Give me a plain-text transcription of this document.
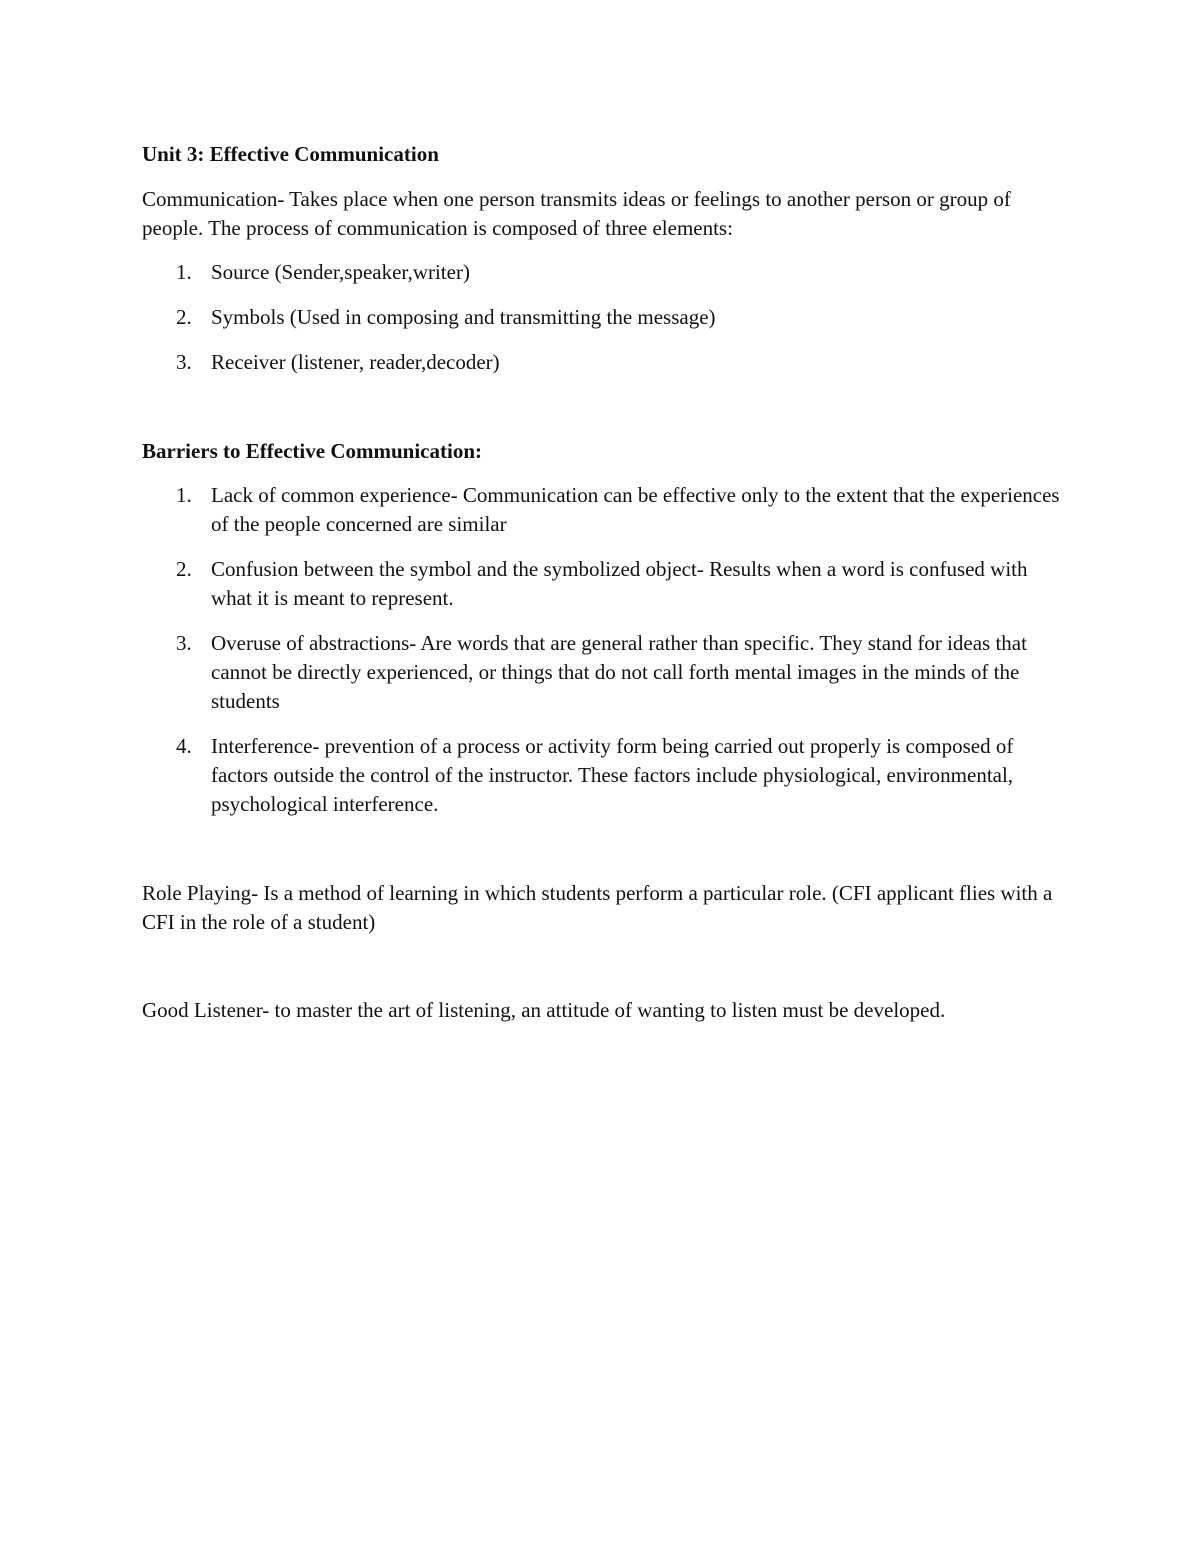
Unit 3: Effective Communication

Communication- Takes place when one person transmits ideas or feelings to another person or group of people. The process of communication is composed of three elements:

1. Source (Sender,speaker,writer)
2. Symbols (Used in composing and transmitting the message)
3. Receiver (listener, reader,decoder)

Barriers to Effective Communication:

1. Lack of common experience- Communication can be effective only to the extent that the experiences of the people concerned are similar
2. Confusion between the symbol and the symbolized object- Results when a word is confused with what it is meant to represent.
3. Overuse of abstractions- Are words that are general rather than specific. They stand for ideas that cannot be directly experienced, or things that do not call forth mental images in the minds of the students
4. Interference- prevention of a process or activity form being carried out properly is composed of factors outside the control of the instructor. These factors include physiological, environmental, psychological interference.

Role Playing- Is a method of learning in which students perform a particular role. (CFI applicant flies with a CFI in the role of a student)

Good Listener- to master the art of listening, an attitude of wanting to listen must be developed.
